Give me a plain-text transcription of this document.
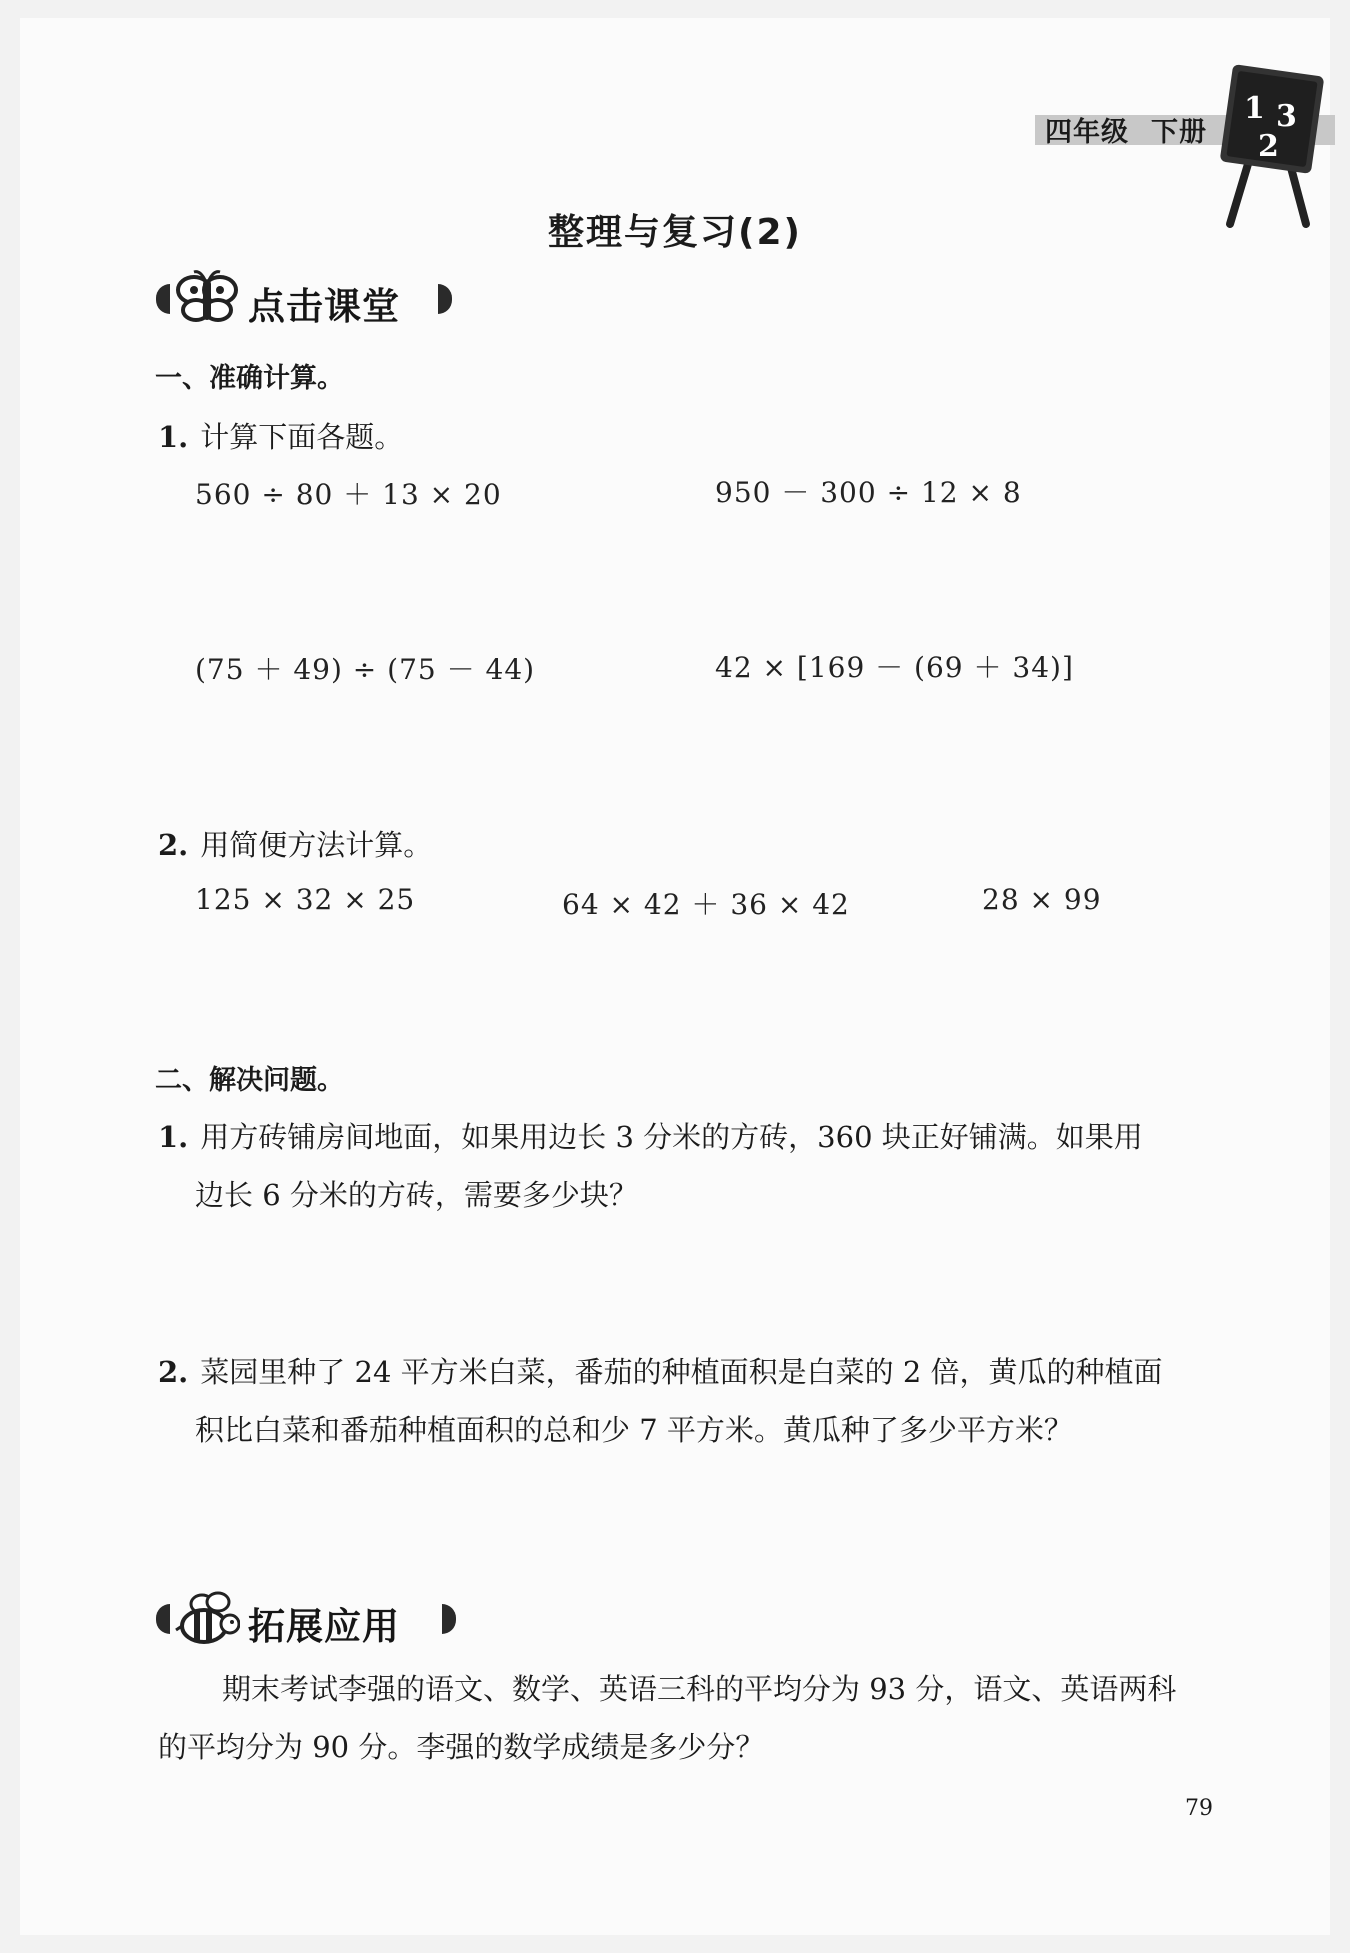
四年级 下册
1 3
2
整理与复习(2)
点击课堂
一、准确计算。
1. 计算下面各题。
560 ÷ 80 ＋ 13 × 20	950 － 300 ÷ 12 × 8
(75 ＋ 49) ÷ (75 － 44)	42 × [169 － (69 ＋ 34)]
2. 用简便方法计算。
125 × 32 × 25	64 × 42 ＋ 36 × 42	28 × 99
二、解决问题。
1. 用方砖铺房间地面，如果用边长 3 分米的方砖，360 块正好铺满。如果用
边长 6 分米的方砖，需要多少块？
2. 菜园里种了 24 平方米白菜，番茄的种植面积是白菜的 2 倍，黄瓜的种植面
积比白菜和番茄种植面积的总和少 7 平方米。黄瓜种了多少平方米？
拓展应用
期末考试李强的语文、数学、英语三科的平均分为 93 分，语文、英语两科
的平均分为 90 分。李强的数学成绩是多少分？
79
